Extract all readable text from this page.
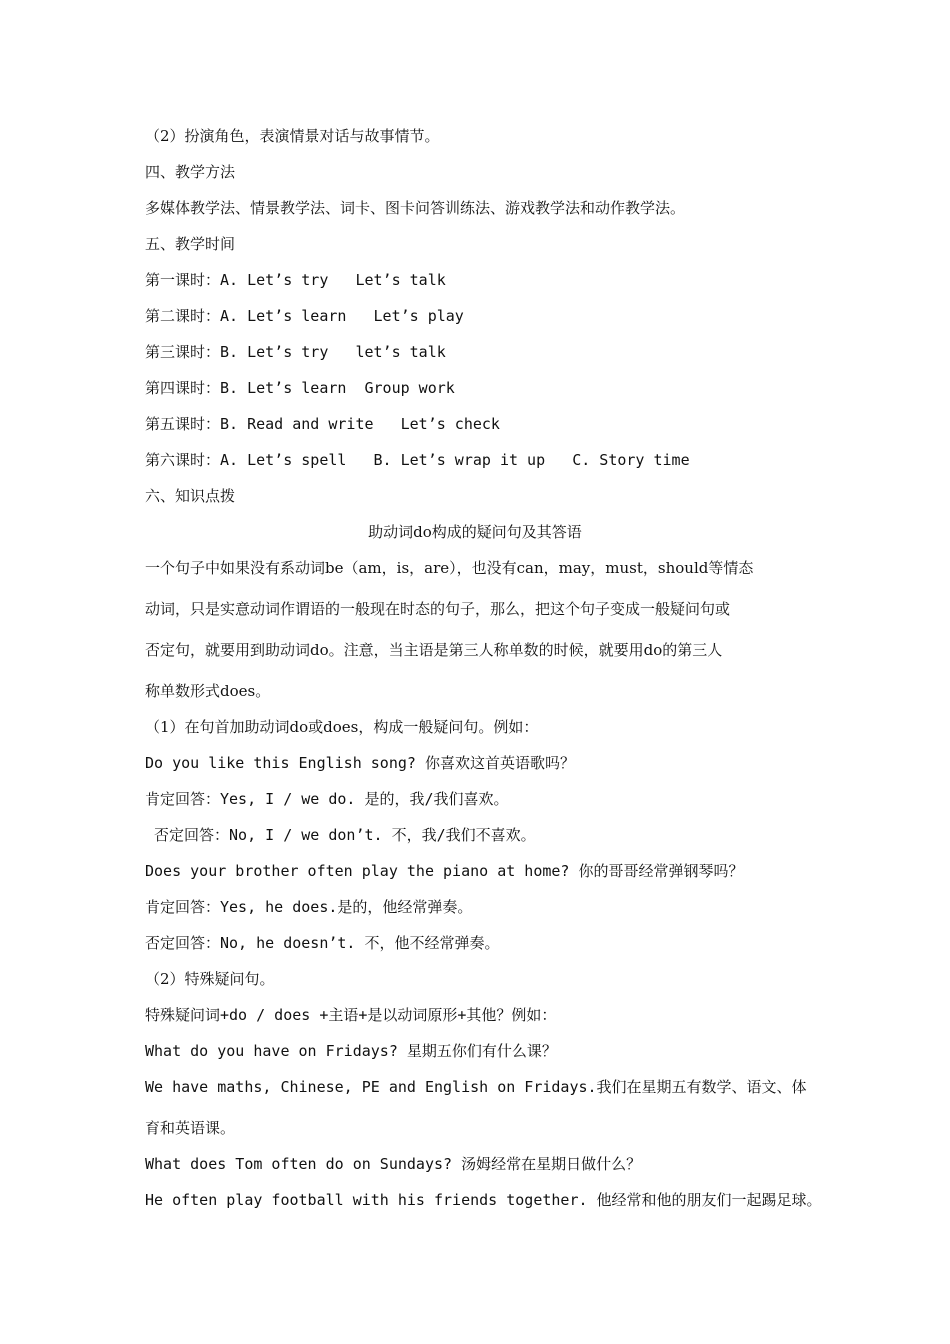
（2）扮演角色，表演情景对话与故事情节。
四、教学方法
多媒体教学法、情景教学法、词卡、图卡问答训练法、游戏教学法和动作教学法。
五、教学时间
第一课时：A. Let’s try   Let’s talk
第二课时：A. Let’s learn   Let’s play
第三课时：B. Let’s try   let’s talk
第四课时：B. Let’s learn  Group work
第五课时：B. Read and write   Let’s check
第六课时：A. Let’s spell   B. Let’s wrap it up   C. Story time
六、知识点拨
助动词do构成的疑问句及其答语
一个句子中如果没有系动词be（am，is，are），也没有can，may，must，should等情态
动词，只是实意动词作谓语的一般现在时态的句子，那么，把这个句子变成一般疑问句或
否定句，就要用到助动词do。注意，当主语是第三人称单数的时候，就要用do的第三人
称单数形式does。
（1）在句首加助动词do或does，构成一般疑问句。例如：
Do you like this English song? 你喜欢这首英语歌吗？
肯定回答：Yes, I / we do. 是的，我/我们喜欢。
否定回答：No, I / we don’t. 不，我/我们不喜欢。
Does your brother often play the piano at home? 你的哥哥经常弹钢琴吗？
肯定回答：Yes, he does.是的，他经常弹奏。
否定回答：No, he doesn’t. 不，他不经常弹奏。
（2）特殊疑问句。
特殊疑问词+do / does +主语+是以动词原形+其他？例如：
What do you have on Fridays? 星期五你们有什么课？
We have maths, Chinese, PE and English on Fridays.我们在星期五有数学、语文、体
育和英语课。
What does Tom often do on Sundays? 汤姆经常在星期日做什么？
He often play football with his friends together. 他经常和他的朋友们一起踢足球。
